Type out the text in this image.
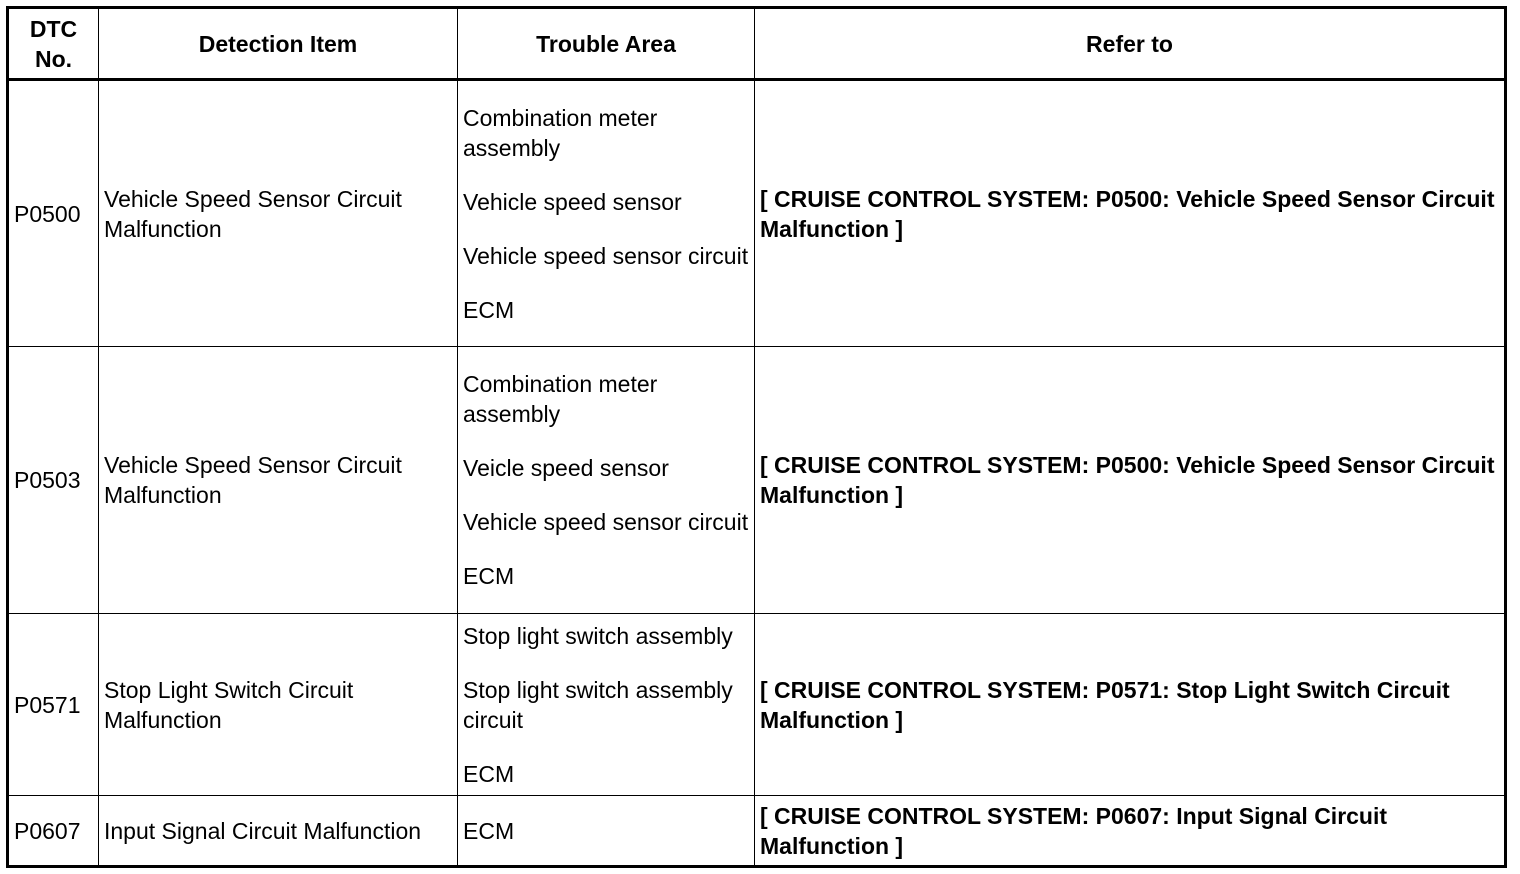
DTC No.	Detection Item	Trouble Area	Refer to
P0500	Vehicle Speed Sensor Circuit Malfunction	Combination meter assembly
Vehicle speed sensor
Vehicle speed sensor circuit
ECM	[ CRUISE CONTROL SYSTEM: P0500: Vehicle Speed Sensor Circuit Malfunction ]
P0503	Vehicle Speed Sensor Circuit Malfunction	Combination meter assembly
Veicle speed sensor
Vehicle speed sensor circuit
ECM	[ CRUISE CONTROL SYSTEM: P0500: Vehicle Speed Sensor Circuit Malfunction ]
P0571	Stop Light Switch Circuit Malfunction	Stop light switch assembly
Stop light switch assembly circuit
ECM	[ CRUISE CONTROL SYSTEM: P0571: Stop Light Switch Circuit Malfunction ]
P0607	Input Signal Circuit Malfunction	ECM	[ CRUISE CONTROL SYSTEM: P0607: Input Signal Circuit Malfunction ]
